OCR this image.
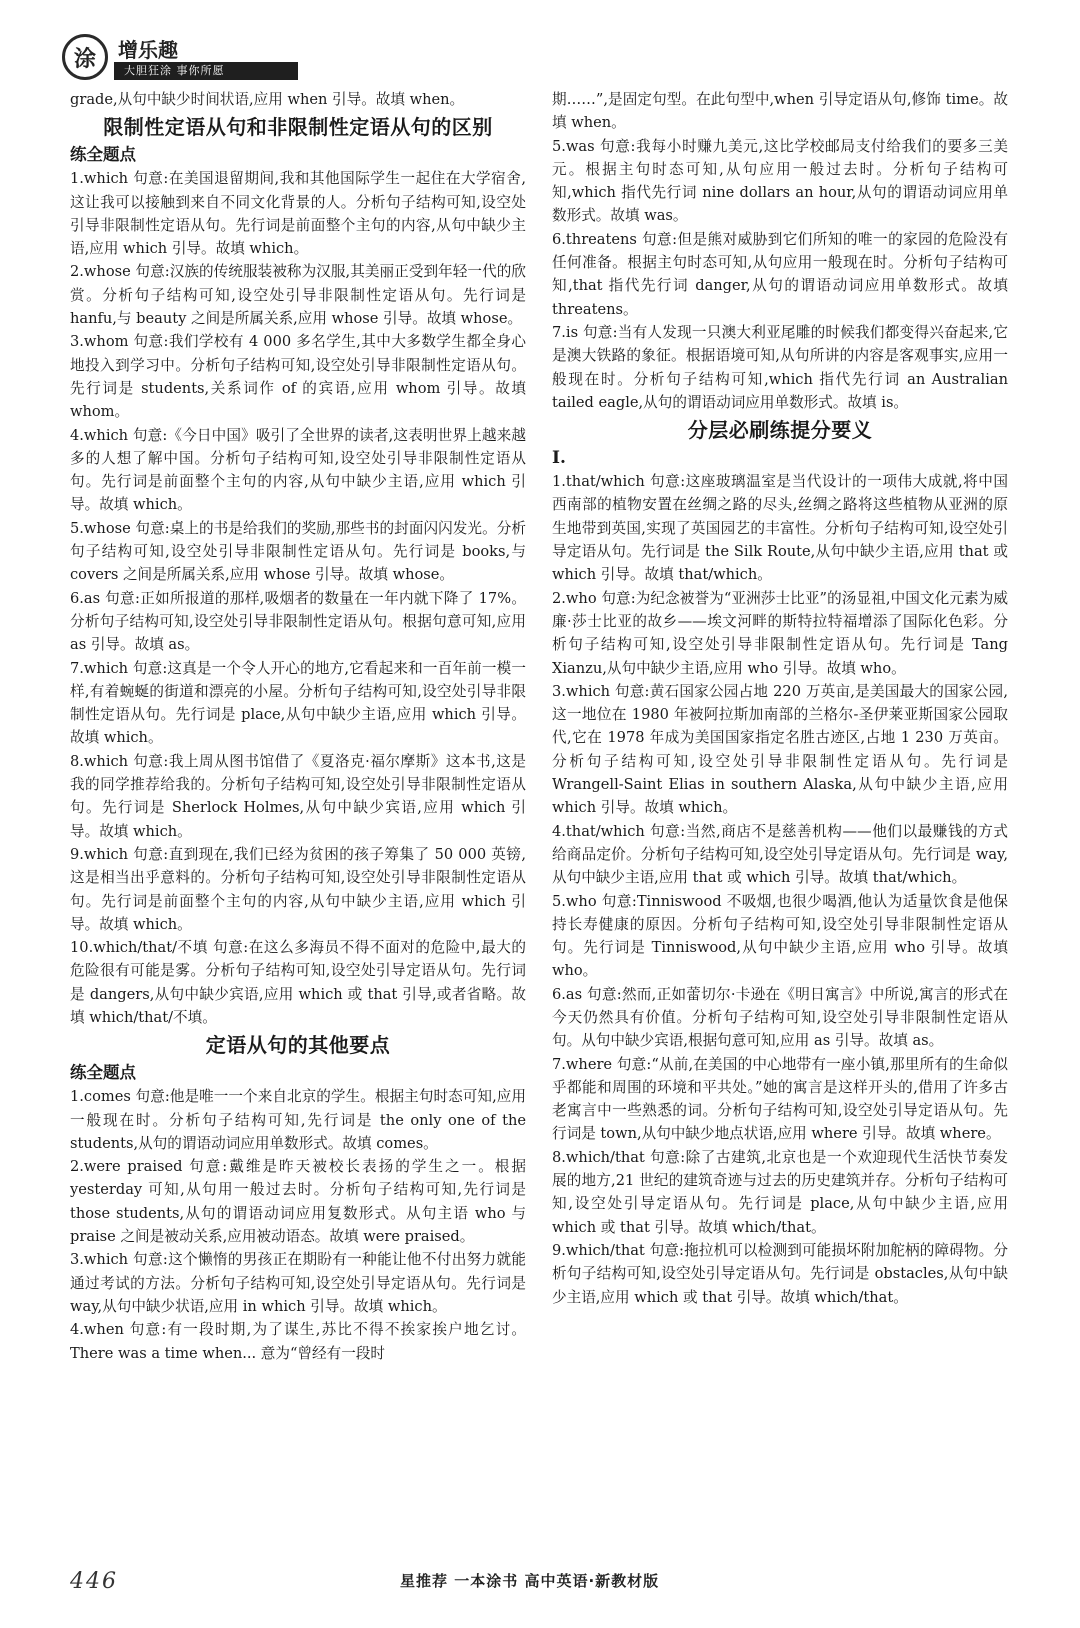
涂	增乐趣
大胆狂涂 事你所愿

grade,从句中缺少时间状语,应用 when 引导。故填 when。

限制性定语从句和非限制性定语从句的区别
练全题点

1.which 句意:在美国退留期间,我和其他国际学生一起住在大学宿舍,这让我可以接触到来自不同文化背景的人。分析句子结构可知,设空处引导非限制性定语从句。先行词是前面整个主句的内容,从句中缺少主语,应用 which 引导。故填 which。

2.whose 句意:汉族的传统服装被称为汉服,其美丽正受到年轻一代的欣赏。分析句子结构可知,设空处引导非限制性定语从句。先行词是 hanfu,与 beauty 之间是所属关系,应用 whose 引导。故填 whose。

3.whom 句意:我们学校有 4 000 多名学生,其中大多数学生都全身心地投入到学习中。分析句子结构可知,设空处引导非限制性定语从句。先行词是 students,关系词作 of 的宾语,应用 whom 引导。故填 whom。

4.which 句意:《今日中国》吸引了全世界的读者,这表明世界上越来越多的人想了解中国。分析句子结构可知,设空处引导非限制性定语从句。先行词是前面整个主句的内容,从句中缺少主语,应用 which 引导。故填 which。

5.whose 句意:桌上的书是给我们的奖励,那些书的封面闪闪发光。分析句子结构可知,设空处引导非限制性定语从句。先行词是 books,与 covers 之间是所属关系,应用 whose 引导。故填 whose。

6.as 句意:正如所报道的那样,吸烟者的数量在一年内就下降了 17%。分析句子结构可知,设空处引导非限制性定语从句。根据句意可知,应用 as 引导。故填 as。

7.which 句意:这真是一个令人开心的地方,它看起来和一百年前一模一样,有着蜿蜒的街道和漂亮的小屋。分析句子结构可知,设空处引导非限制性定语从句。先行词是 place,从句中缺少主语,应用 which 引导。故填 which。

8.which 句意:我上周从图书馆借了《夏洛克·福尔摩斯》这本书,这是我的同学推荐给我的。分析句子结构可知,设空处引导非限制性定语从句。先行词是 Sherlock Holmes,从句中缺少宾语,应用 which 引导。故填 which。

9.which 句意:直到现在,我们已经为贫困的孩子筹集了 50 000 英镑,这是相当出乎意料的。分析句子结构可知,设空处引导非限制性定语从句。先行词是前面整个主句的内容,从句中缺少主语,应用 which 引导。故填 which。

10.which/that/不填 句意:在这么多海员不得不面对的危险中,最大的危险很有可能是雾。分析句子结构可知,设空处引导定语从句。先行词是 dangers,从句中缺少宾语,应用 which 或 that 引导,或者省略。故填 which/that/不填。

定语从句的其他要点
练全题点

1.comes 句意:他是唯一一个来自北京的学生。根据主句时态可知,应用一般现在时。分析句子结构可知,先行词是 the only one of the students,从句的谓语动词应用单数形式。故填 comes。

2.were praised 句意:戴维是昨天被校长表扬的学生之一。根据 yesterday 可知,从句用一般过去时。分析句子结构可知,先行词是 those students,从句的谓语动词应用复数形式。从句主语 who 与 praise 之间是被动关系,应用被动语态。故填 were praised。

3.which 句意:这个懒惰的男孩正在期盼有一种能让他不付出努力就能通过考试的方法。分析句子结构可知,设空处引导定语从句。先行词是 way,从句中缺少状语,应用 in which 引导。故填 which。

4.when 句意:有一段时期,为了谋生,苏比不得不挨家挨户地乞讨。There was a time when... 意为“曾经有一段时

期……”,是固定句型。在此句型中,when 引导定语从句,修饰 time。故填 when。

5.was 句意:我每小时赚九美元,这比学校邮局支付给我们的要多三美元。根据主句时态可知,从句应用一般过去时。分析句子结构可知,which 指代先行词 nine dollars an hour,从句的谓语动词应用单数形式。故填 was。

6.threatens 句意:但是熊对威胁到它们所知的唯一的家园的危险没有任何准备。根据主句时态可知,从句应用一般现在时。分析句子结构可知,that 指代先行词 danger,从句的谓语动词应用单数形式。故填 threatens。

7.is 句意:当有人发现一只澳大利亚尾雕的时候我们都变得兴奋起来,它是澳大铁路的象征。根据语境可知,从句所讲的内容是客观事实,应用一般现在时。分析句子结构可知,which 指代先行词 an Australian tailed eagle,从句的谓语动词应用单数形式。故填 is。

分层必刷练提分要义
Ⅰ.

1.that/which 句意:这座玻璃温室是当代设计的一项伟大成就,将中国西南部的植物安置在丝绸之路的尽头,丝绸之路将这些植物从亚洲的原生地带到英国,实现了英国园艺的丰富性。分析句子结构可知,设空处引导定语从句。先行词是 the Silk Route,从句中缺少主语,应用 that 或 which 引导。故填 that/which。

2.who 句意:为纪念被誉为“亚洲莎士比亚”的汤显祖,中国文化元素为威廉·莎士比亚的故乡——埃文河畔的斯特拉特福增添了国际化色彩。分析句子结构可知,设空处引导非限制性定语从句。先行词是 Tang Xianzu,从句中缺少主语,应用 who 引导。故填 who。

3.which 句意:黄石国家公园占地 220 万英亩,是美国最大的国家公园,这一地位在 1980 年被阿拉斯加南部的兰格尔-圣伊莱亚斯国家公园取代,它在 1978 年成为美国国家指定名胜古迹区,占地 1 230 万英亩。分析句子结构可知,设空处引导非限制性定语从句。先行词是 Wrangell-Saint Elias in southern Alaska,从句中缺少主语,应用 which 引导。故填 which。

4.that/which 句意:当然,商店不是慈善机构——他们以最赚钱的方式给商品定价。分析句子结构可知,设空处引导定语从句。先行词是 way,从句中缺少主语,应用 that 或 which 引导。故填 that/which。

5.who 句意:Tinniswood 不吸烟,也很少喝酒,他认为适量饮食是他保持长寿健康的原因。分析句子结构可知,设空处引导非限制性定语从句。先行词是 Tinniswood,从句中缺少主语,应用 who 引导。故填 who。

6.as 句意:然而,正如蕾切尔·卡逊在《明日寓言》中所说,寓言的形式在今天仍然具有价值。分析句子结构可知,设空处引导非限制性定语从句。从句中缺少宾语,根据句意可知,应用 as 引导。故填 as。

7.where 句意:“从前,在美国的中心地带有一座小镇,那里所有的生命似乎都能和周围的环境和平共处。”她的寓言是这样开头的,借用了许多古老寓言中一些熟悉的词。分析句子结构可知,设空处引导定语从句。先行词是 town,从句中缺少地点状语,应用 where 引导。故填 where。

8.which/that 句意:除了古建筑,北京也是一个欢迎现代生活快节奏发展的地方,21 世纪的建筑奇迹与过去的历史建筑并存。分析句子结构可知,设空处引导定语从句。先行词是 place,从句中缺少主语,应用 which 或 that 引导。故填 which/that。

9.which/that 句意:拖拉机可以检测到可能损坏附加舵柄的障碍物。分析句子结构可知,设空处引导定语从句。先行词是 obstacles,从句中缺少主语,应用 which 或 that 引导。故填 which/that。

446	星推荐 一本涂书 高中英语·新教材版
